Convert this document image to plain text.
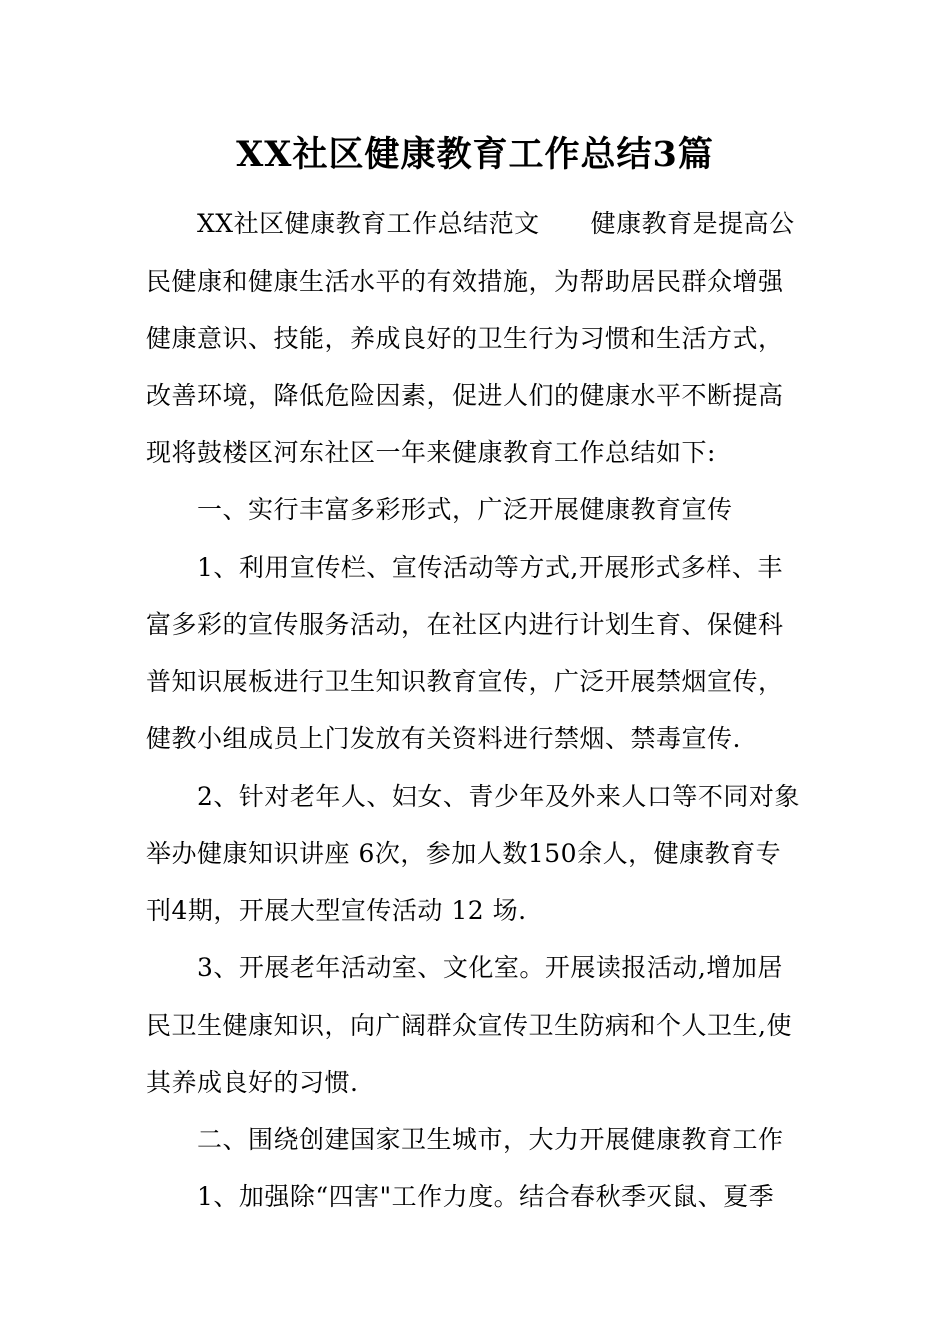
XX社区健康教育工作总结3篇
XX社区健康教育工作总结范文　　健康教育是提高公
民健康和健康生活水平的有效措施，为帮助居民群众增强
健康意识、技能，养成良好的卫生行为习惯和生活方式，
改善环境，降低危险因素，促进人们的健康水平不断提高
现将鼓楼区河东社区一年来健康教育工作总结如下:
一、实行丰富多彩形式，广泛开展健康教育宣传
1、利用宣传栏、宣传活动等方式,开展形式多样、丰
富多彩的宣传服务活动，在社区内进行计划生育、保健科
普知识展板进行卫生知识教育宣传，广泛开展禁烟宣传，
健教小组成员上门发放有关资料进行禁烟、禁毒宣传.
2、针对老年人、妇女、青少年及外来人口等不同对象
举办健康知识讲座 6次，参加人数150余人，健康教育专
刊4期，开展大型宣传活动 12 场.
3、开展老年活动室、文化室。开展读报活动,增加居
民卫生健康知识，向广阔群众宣传卫生防病和个人卫生,使
其养成良好的习惯.
二、围绕创建国家卫生城市，大力开展健康教育工作
1、加强除“四害"工作力度。结合春秋季灭鼠、夏季
